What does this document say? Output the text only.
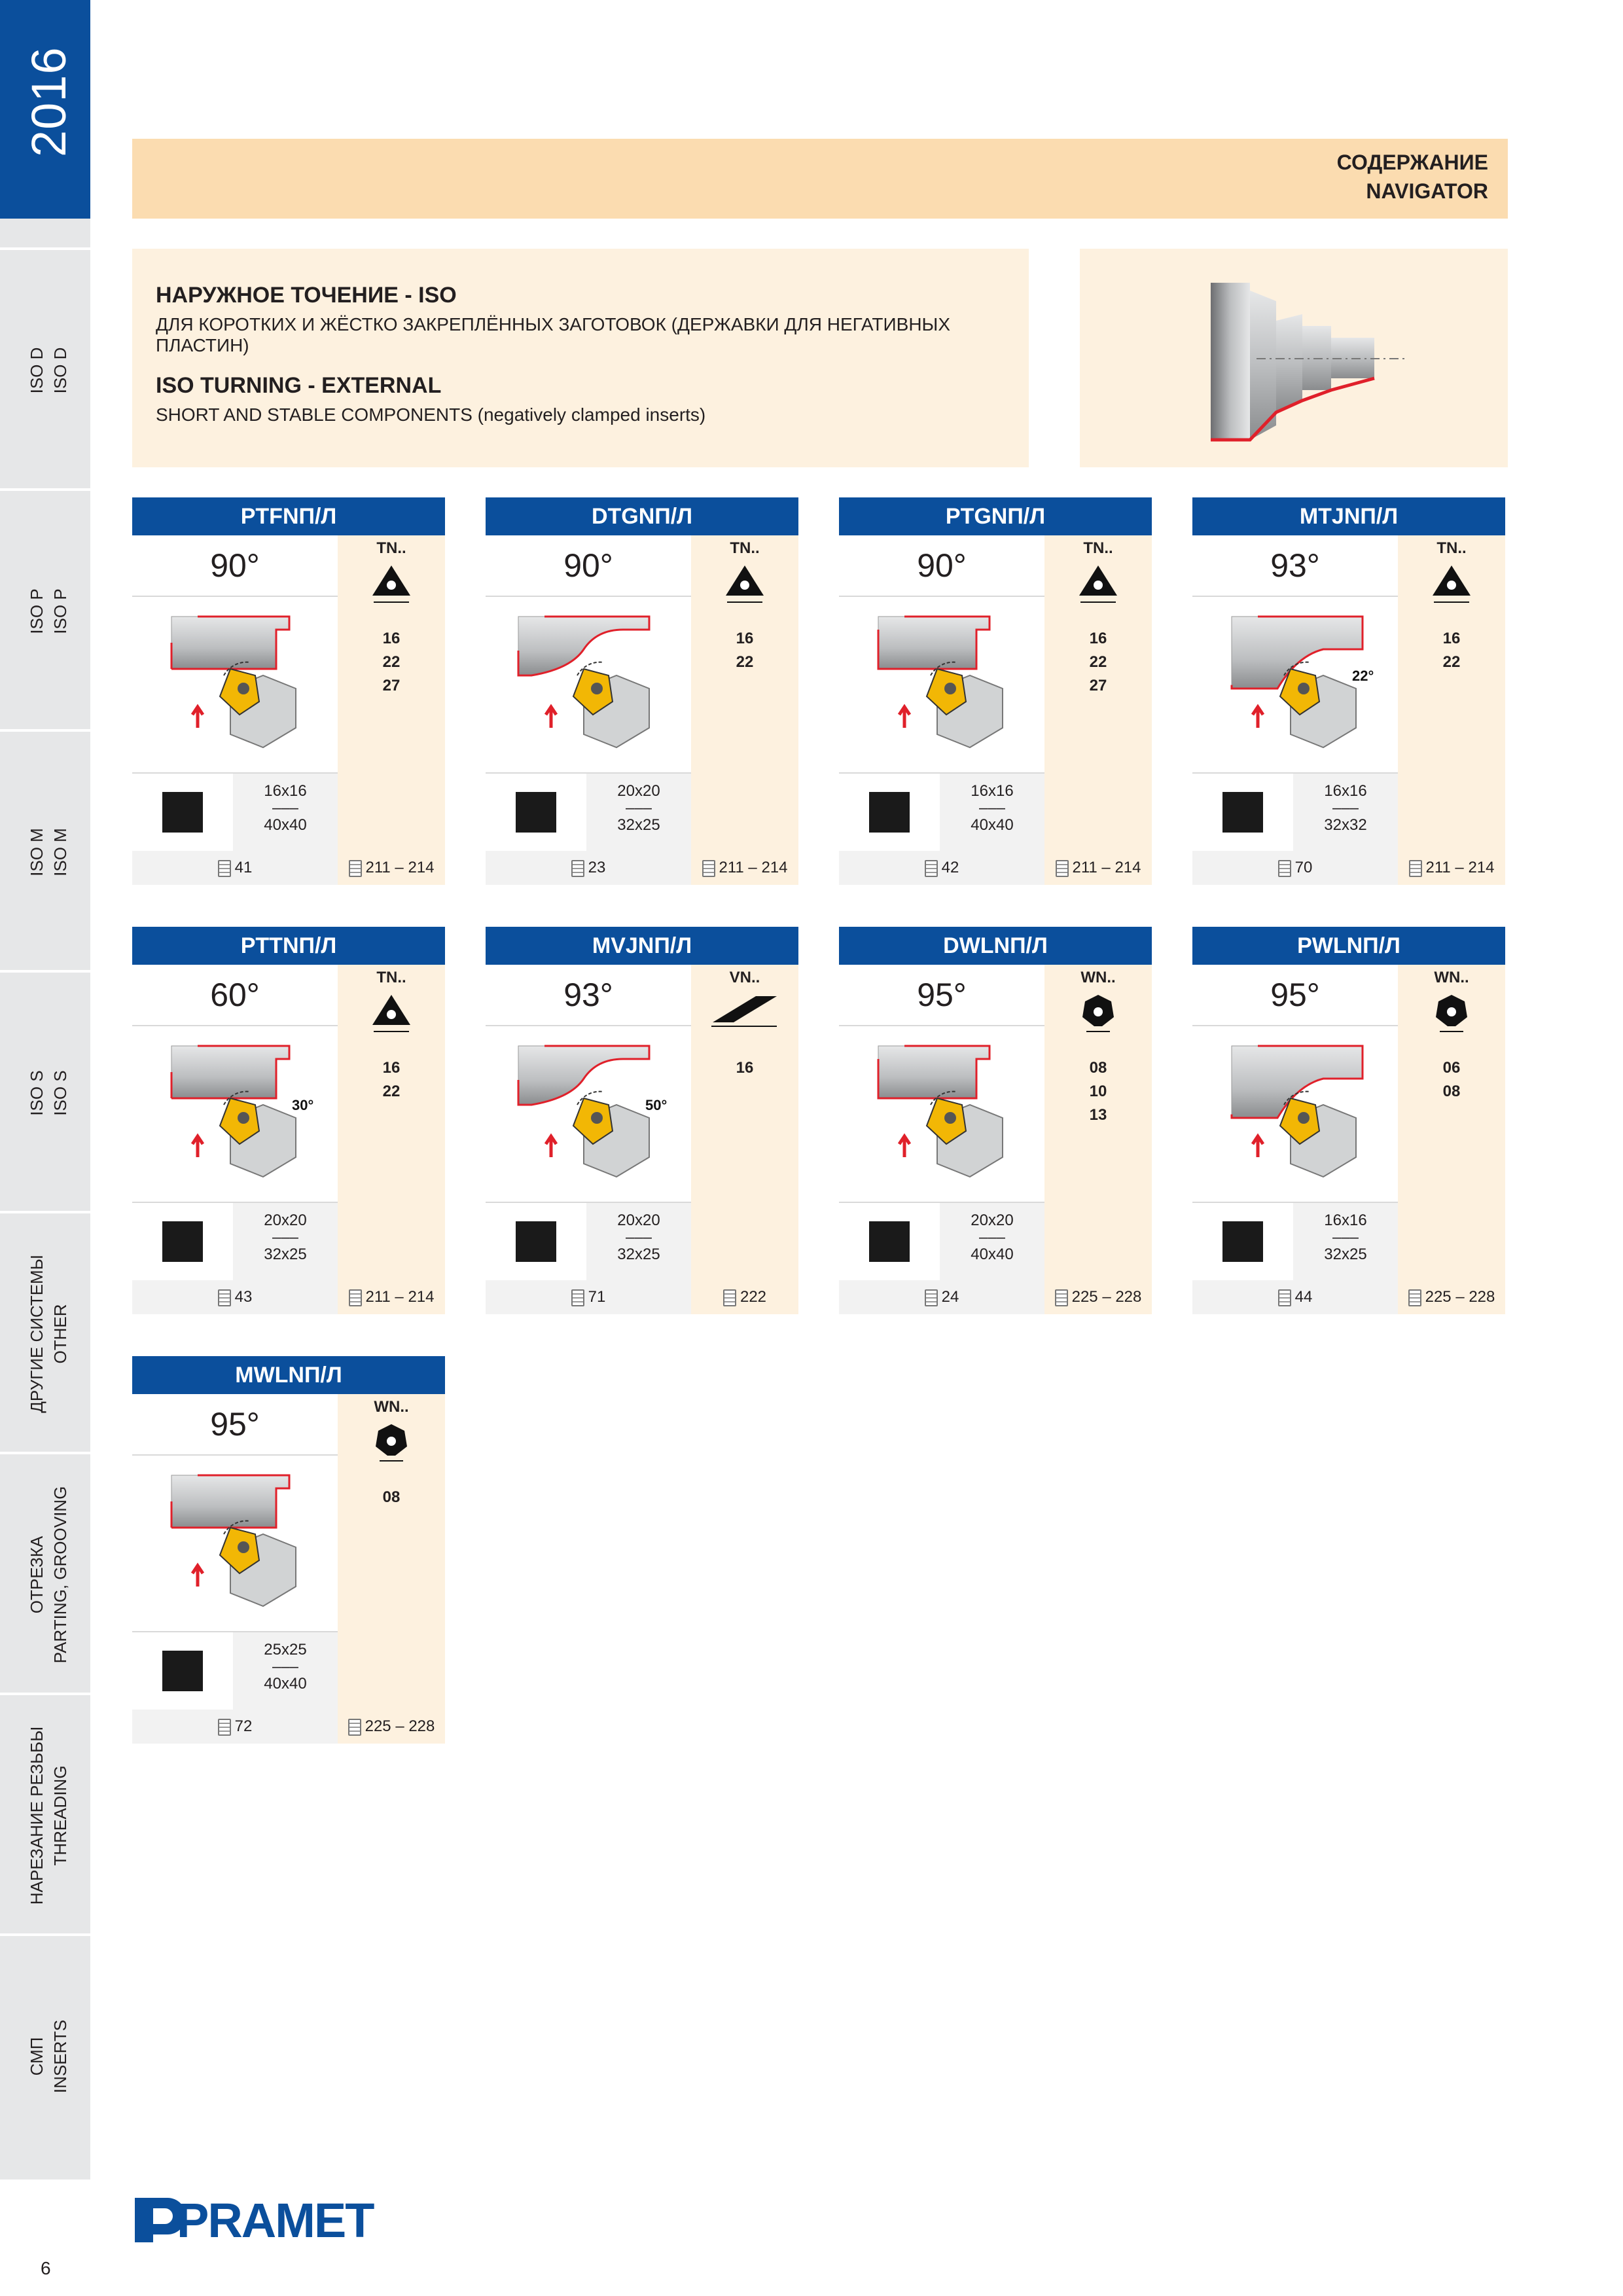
2016
ISO D ISO D
ISO P ISO P
ISO M ISO M
ISO S ISO S
ДРУГИЕ СИСТЕМЫ OTHER
ОТРЕЗКА PARTING, GROOVING
НАРЕЗАНИЕ РЕЗЬБЫ THREADING
СМП INSERTS
6
СОДЕРЖАНИЕ
NAVIGATOR
НАРУЖНОЕ ТОЧЕНИЕ - ISO
ДЛЯ КОРОТКИХ И ЖЁСТКО ЗАКРЕПЛЁННЫХ ЗАГОТОВОК (ДЕРЖАВКИ ДЛЯ НЕГАТИВНЫХ ПЛАСТИН)
ISO TURNING - EXTERNAL
SHORT AND STABLE COMPONENTS (negatively clamped inserts)
PTFNП/Л
90°	TN..
16
22
27
16x16
–––
40x40
41	211 – 214
DTGNП/Л
90°	TN..
16
22
20x20
–––
32x25
23	211 – 214
PTGNП/Л
90°	TN..
16
22
27
16x16
–––
40x40
42	211 – 214
MTJNП/Л
93°
22°
TN..
16
22
16x16
–––
32x32
70	211 – 214
PTTNП/Л
60°
30°
TN..
16
22
20x20
–––
32x25
43	211 – 214
MVJNП/Л
93°
50°
VN..
16
20x20
–––
32x25
71	222
DWLNП/Л
95°	WN..
08
10
13
20x20
–––
40x40
24	225 – 228
PWLNП/Л
95°	WN..
06
08
16x16
–––
32x25
44	225 – 228
MWLNП/Л
95°	WN..
08
25x25
–––
40x40
72	225 – 228
PRAMET
